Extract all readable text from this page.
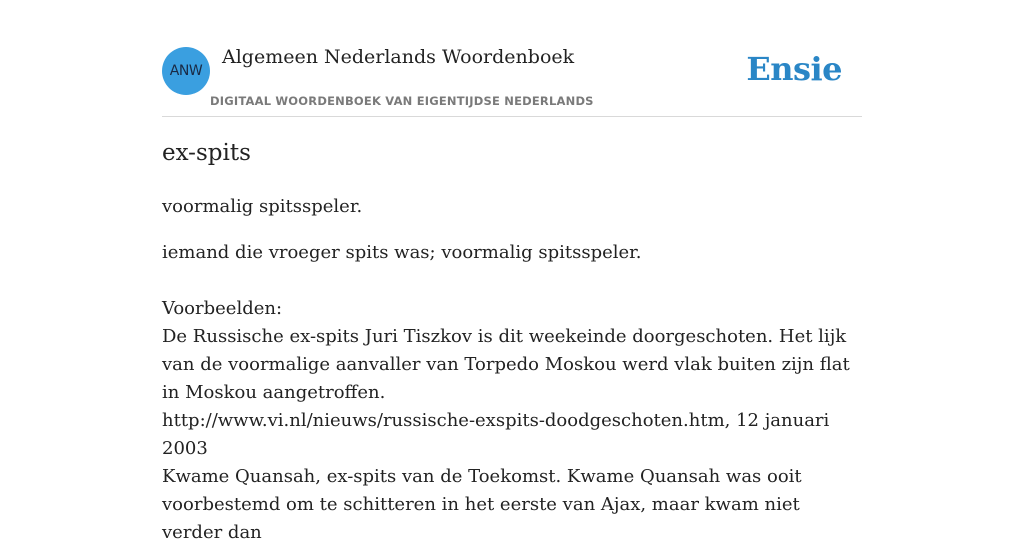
ANW
Algemeen Nederlands Woordenboek
DIGITAAL WOORDENBOEK VAN EIGENTIJDSE NEDERLANDS
Ensie
ex-spits
voormalig spitsspeler.
iemand die vroeger spits was; voormalig spitsspeler.
Voorbeelden:
De Russische ex-spits Juri Tiszkov is dit weekeinde doorgeschoten. Het lijk van de voormalige aanvaller van Torpedo Moskou werd vlak buiten zijn flat in Moskou aangetroffen.
http://www.vi.nl/nieuws/russische-exspits-doodgeschoten.htm, 12 januari 2003
Kwame Quansah, ex-spits van de Toekomst. Kwame Quansah was ooit voorbestemd om te schitteren in het eerste van Ajax, maar kwam niet verder dan
